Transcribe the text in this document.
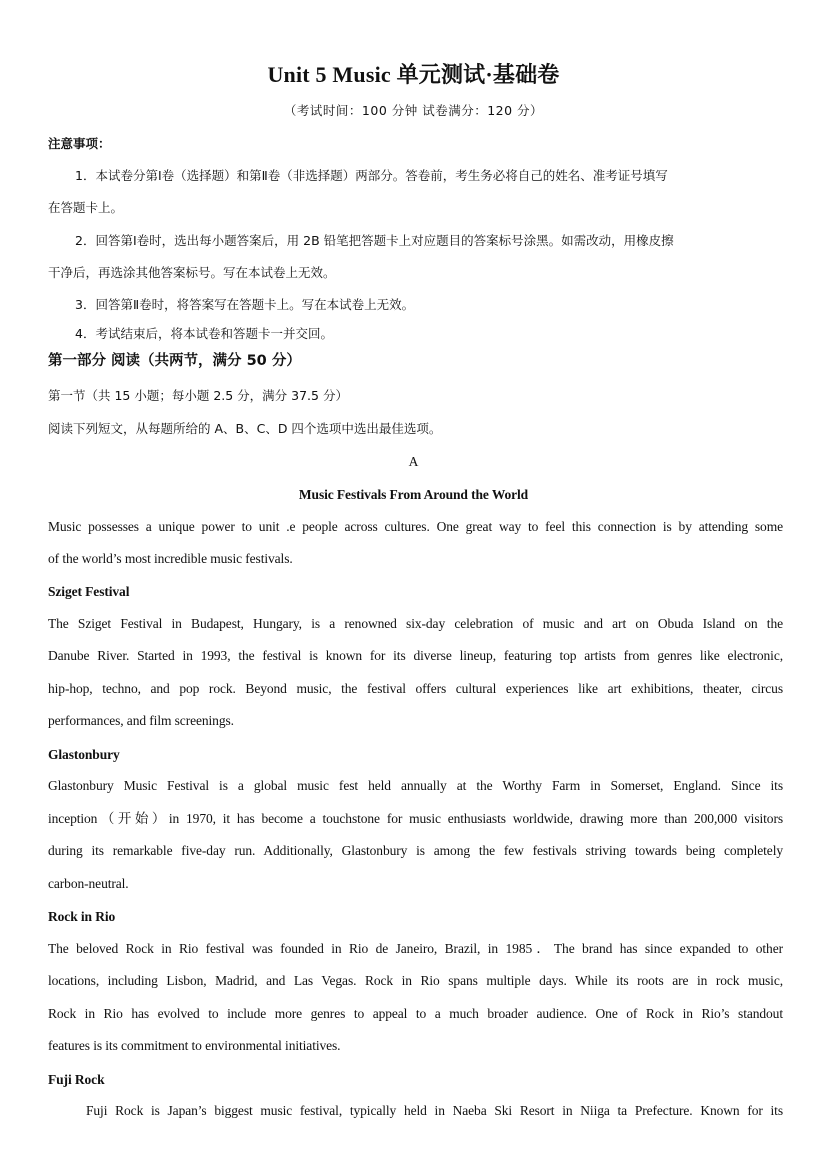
Unit 5 Music 单元测试·基础卷
（考试时间：100 分钟 试卷满分：120 分）
注意事项：
1．本试卷分第Ⅰ卷（选择题）和第Ⅱ卷（非选择题）两部分。答卷前，考生务必将自己的姓名、准考证号填写
在答题卡上。
2．回答第Ⅰ卷时，选出每小题答案后，用 2B 铅笔把答题卡上对应题目的答案标号涂黑。如需改动，用橡皮擦
干净后，再选涂其他答案标号。写在本试卷上无效。
3．回答第Ⅱ卷时，将答案写在答题卡上。写在本试卷上无效。
4．考试结束后，将本试卷和答题卡一并交回。
第一部分 阅读（共两节，满分 50 分）
第一节（共 15 小题；每小题 2.5 分，满分 37.5 分）
阅读下列短文，从每题所给的 A、B、C、D 四个选项中选出最佳选项。
A
Music Festivals From Around the World
Music possesses a unique power to unit .e people across cultures. One great way to feel this connection is by attending some
of the world’s most incredible music festivals.
Sziget Festival
The Sziget Festival in Budapest, Hungary, is a renowned six-day celebration of music and art on Obuda Island on the
Danube River. Started in 1993, the festival is known for its diverse lineup, featuring top artists from genres like electronic,
hip-hop, techno, and pop rock. Beyond music, the festival offers cultural experiences like art exhibitions, theater, circus
performances, and film screenings.
Glastonbury
Glastonbury Music Festival is a global music fest held annually at the Worthy Farm in Somerset, England. Since its
inception（开始）in 1970, it has become a touchstone for music enthusiasts worldwide, drawing more than 200,000 visitors
during its remarkable five-day run. Additionally, Glastonbury is among the few festivals striving towards being completely
carbon-neutral.
Rock in Rio
The beloved Rock in Rio festival was founded in Rio de Janeiro, Brazil, in 1985．The brand has since expanded to other
locations, including Lisbon, Madrid, and Las Vegas. Rock in Rio spans multiple days. While its roots are in rock music,
Rock in Rio has evolved to include more genres to appeal to a much broader audience. One of Rock in Rio’s standout
features is its commitment to environmental initiatives.
Fuji Rock
Fuji Rock is Japan’s biggest music festival, typically held in Naeba Ski Resort in Niiga ta Prefecture. Known for its
